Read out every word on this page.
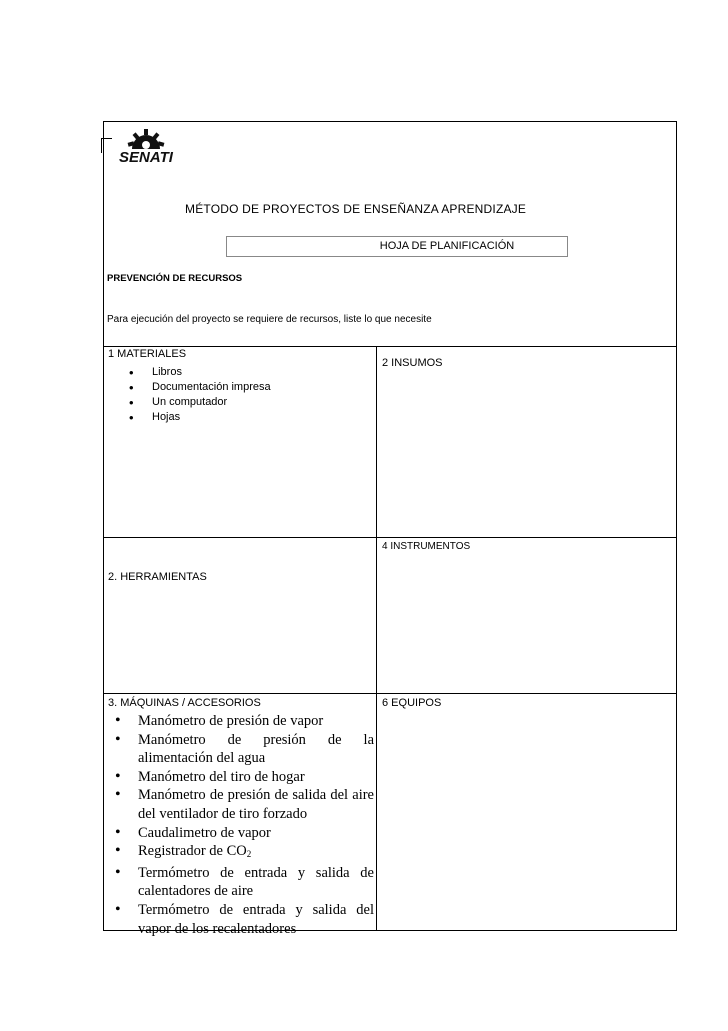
SENATI
MÉTODO DE PROYECTOS DE ENSEÑANZA APRENDIZAJE
HOJA DE PLANIFICACIÓN
PREVENCIÓN DE RECURSOS
Para ejecución del proyecto se requiere de recursos, liste lo que necesite
1 MATERIALES
• Libros
• Documentación impresa
• Un computador
• Hojas
2 INSUMOS
4 INSTRUMENTOS
2. HERRAMIENTAS
3. MÁQUINAS / ACCESORIOS	6 EQUIPOS
• Manómetro de presión de vapor
• Manómetro de presión de la alimentación del agua
• Manómetro del tiro de hogar
• Manómetro de presión de salida del aire del ventilador de tiro forzado
• Caudalimetro de vapor
• Registrador de $CO_2$
• Termómetro de entrada y salida de calentadores de aire
• Termómetro de entrada y salida del vapor de los recalentadores
